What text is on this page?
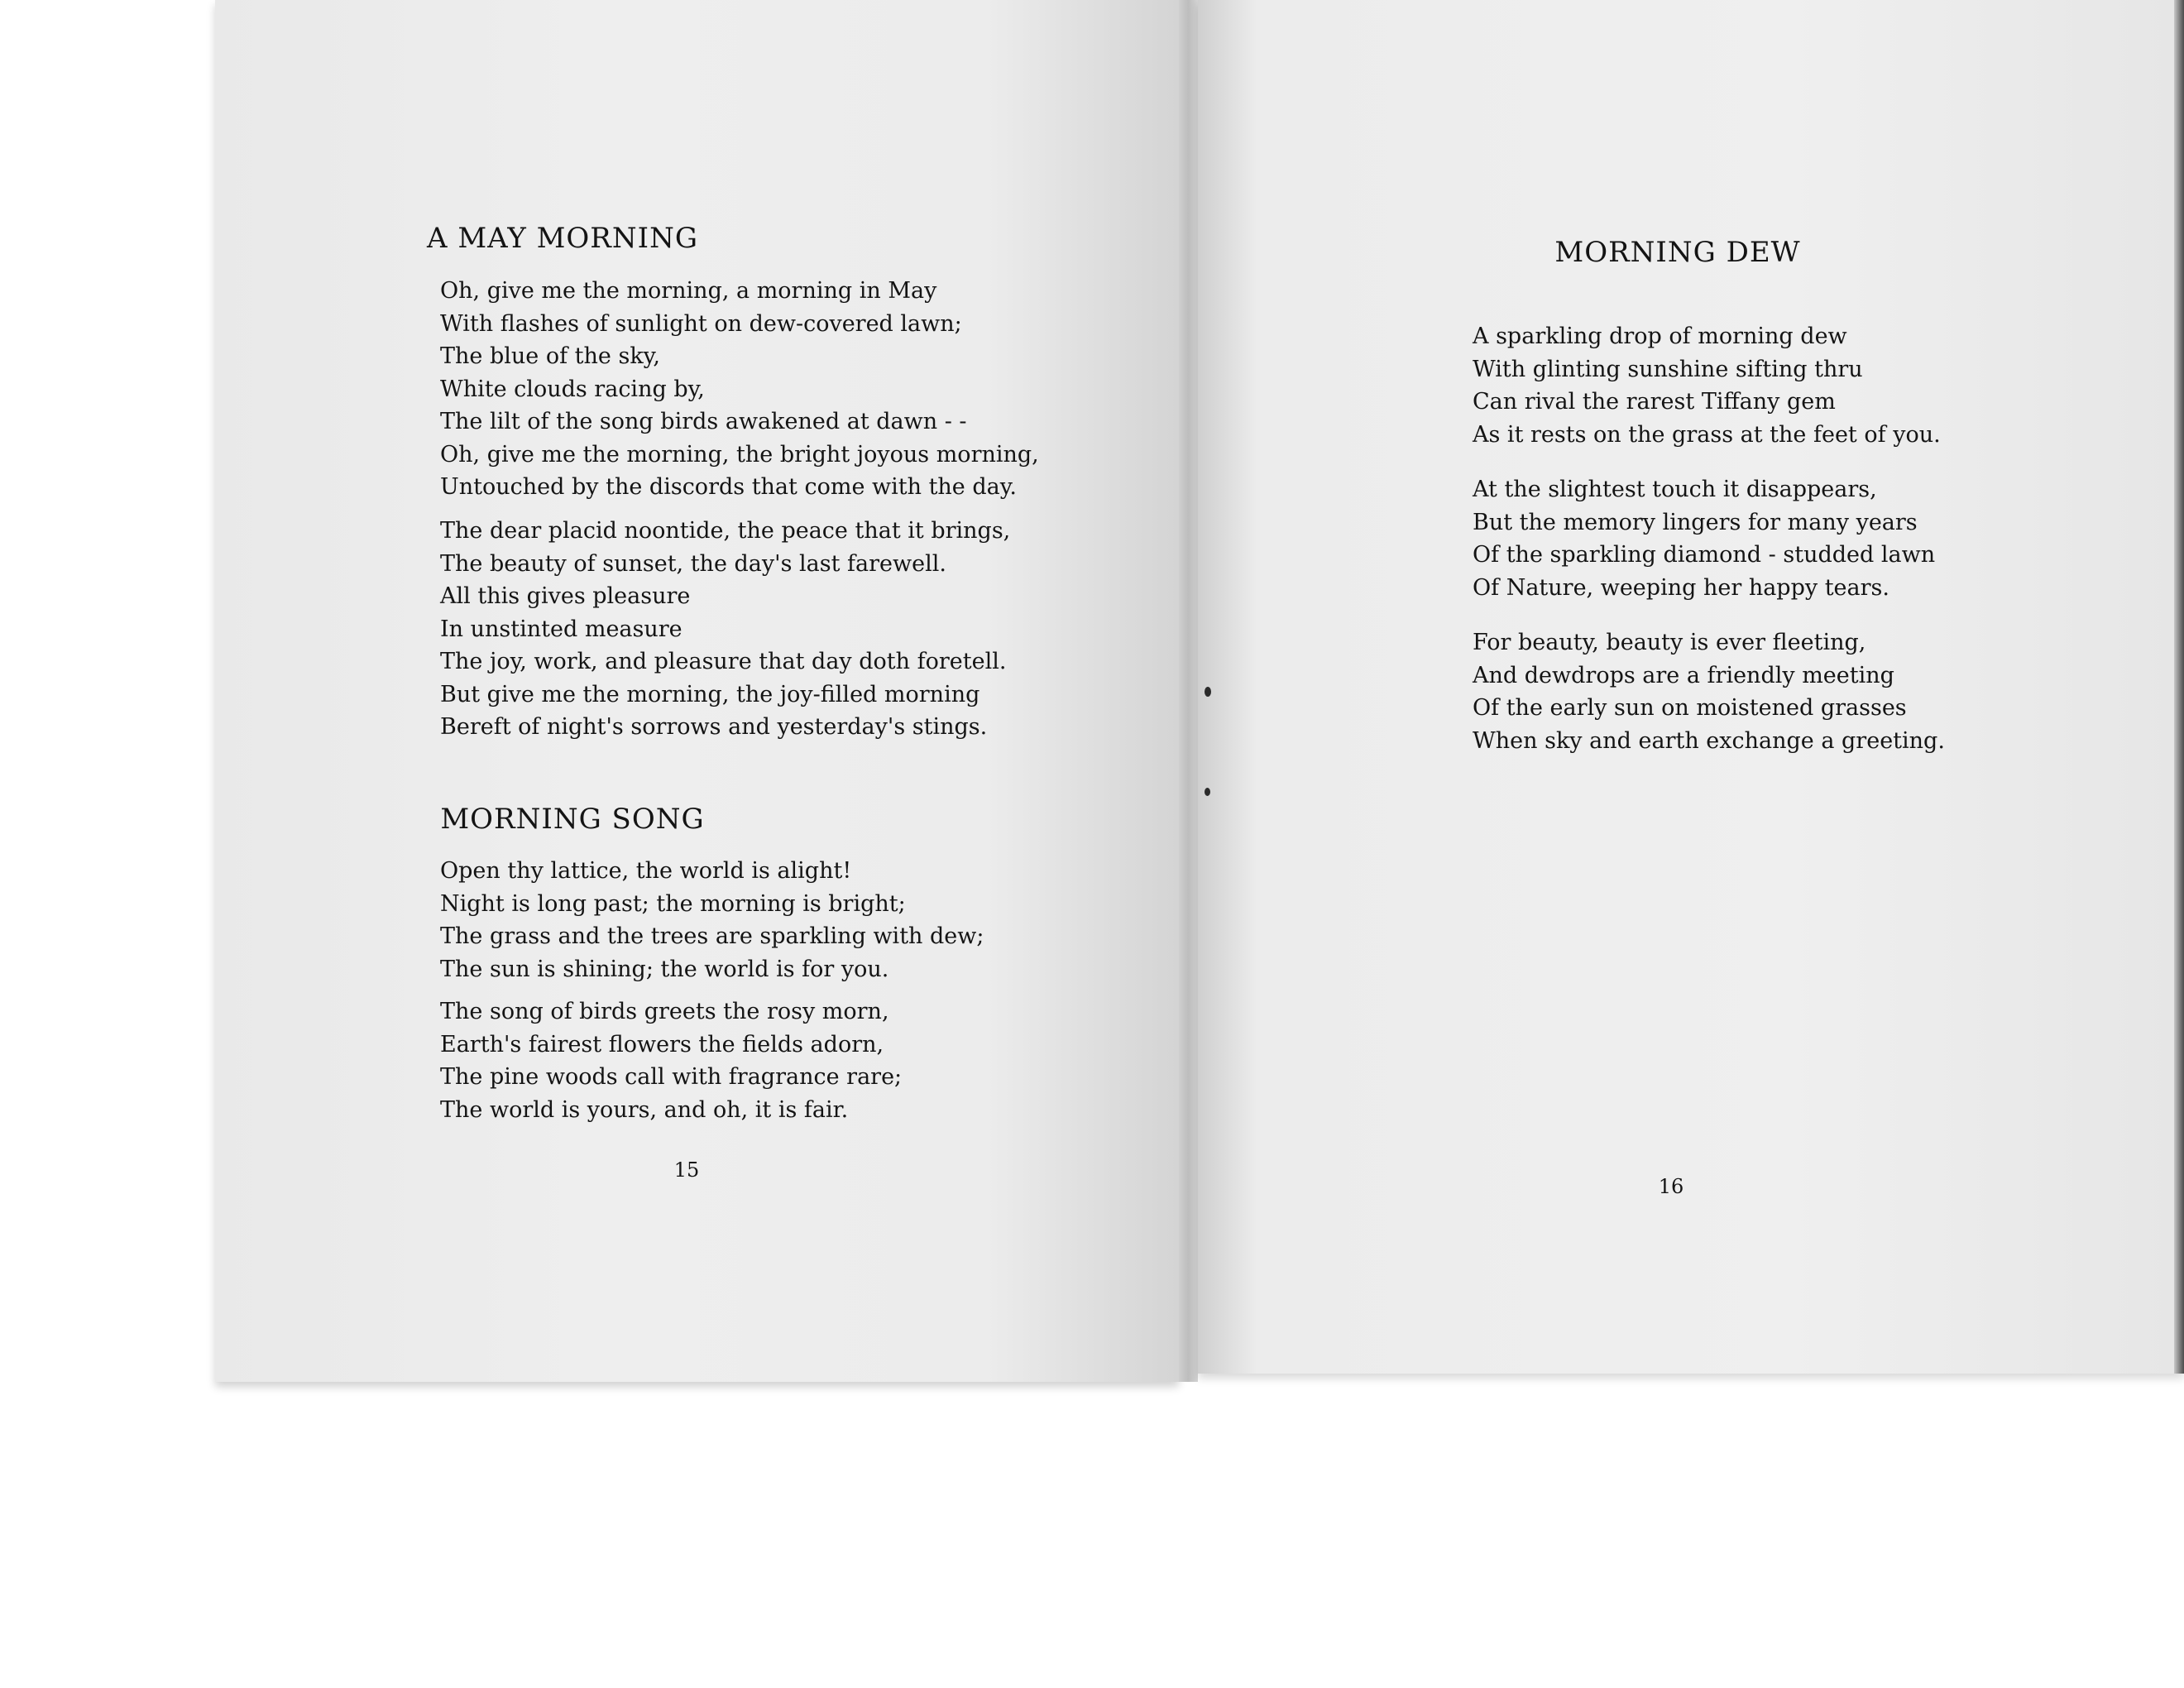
A MAY MORNING
Oh, give me the morning, a morning in May
With flashes of sunlight on dew-covered lawn;
The blue of the sky,
White clouds racing by,
The lilt of the song birds awakened at dawn - -
Oh, give me the morning, the bright joyous morning,
Untouched by the discords that come with the day.
The dear placid noontide, the peace that it brings,
The beauty of sunset, the day's last farewell.
All this gives pleasure
In unstinted measure
The joy, work, and pleasure that day doth foretell.
But give me the morning, the joy-filled morning
Bereft of night's sorrows and yesterday's stings.
MORNING SONG
Open thy lattice, the world is alight!
Night is long past; the morning is bright;
The grass and the trees are sparkling with dew;
The sun is shining; the world is for you.
The song of birds greets the rosy morn,
Earth's fairest flowers the fields adorn,
The pine woods call with fragrance rare;
The world is yours, and oh, it is fair.
15
MORNING DEW
A sparkling drop of morning dew
With glinting sunshine sifting thru
Can rival the rarest Tiffany gem
As it rests on the grass at the feet of you.
At the slightest touch it disappears,
But the memory lingers for many years
Of the sparkling diamond - studded lawn
Of Nature, weeping her happy tears.
For beauty, beauty is ever fleeting,
And dewdrops are a friendly meeting
Of the early sun on moistened grasses
When sky and earth exchange a greeting.
16
